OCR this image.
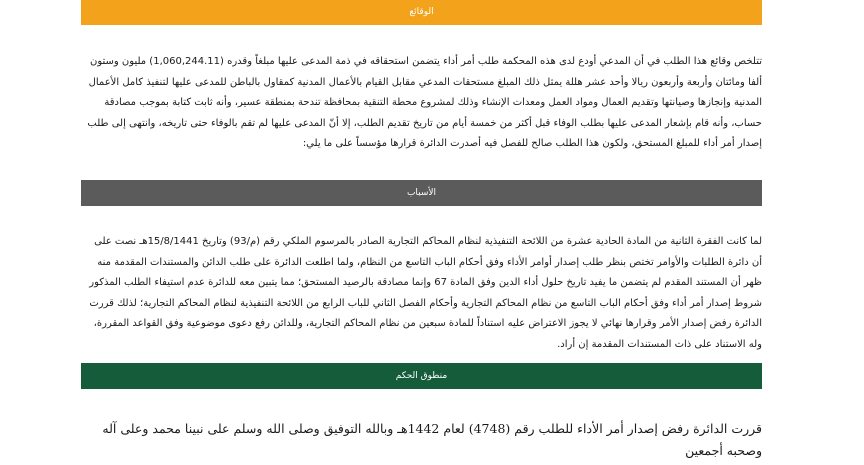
الوقائع

تتلخص وقائع هذا الطلب في أن المدعي أودع لدى هذه المحكمة طلب أمر أداء يتضمن استحقاقه في ذمة المدعى عليها مبلغاً وقدره (1,060,244.11) مليون وستون ألفا ومائتان وأربعة وأربعون ريالا وأحد عشر هللة يمثل ذلك المبلغ مستحقات المدعي مقابل القيام بالأعمال المدنية كمقاول بالباطن للمدعى عليها لتنفيذ كامل الأعمال المدنية وإنجازها وصيانتها وتقديم العمال ومواد العمل ومعدات الإنشاء وذلك لمشروع محطة التنقية بمحافظة تندحة بمنطقة عسير، وأنه ثابت كتابة بموجب مصادقة حساب، وأنه قام بإشعار المدعى عليها بطلب الوفاء قبل أكثر من خمسة أيام من تاريخ تقديم الطلب، إلا أنّ المدعى عليها لم تقم بالوفاء حتى تاريخه، وانتهى إلى طلب إصدار أمر أداء للمبلغ المستحق، ولكون هذا الطلب صالح للفصل فيه أصدرت الدائرة قرارها مؤسساً على ما يلي:

الأسباب

لما كانت الفقرة الثانية من المادة الحادية عشرة من اللائحة التنفيذية لنظام المحاكم التجارية الصادر بالمرسوم الملكي رقم (م/93) وتاريخ 15/8/1441هـ نصت على أن دائرة الطلبات والأوامر تختص بنظر طلب إصدار أوامر الأداء وفق أحكام الباب التاسع من النظام، ولما اطلعت الدائرة على طلب الدائن والمستندات المقدمة منه ظهر أن المستند المقدم لم يتضمن ما يفيد تاريخ حلول أداء الدين وفق المادة 67 وإنما مصادقة بالرصيد المستحق؛ مما يتبين معه للدائرة عدم استيفاء الطلب المذكور شروط إصدار أمر أداء وفق أحكام الباب التاسع من نظام المحاكم التجارية وأحكام الفصل الثاني للباب الرابع من اللائحة التنفيذية لنظام المحاكم التجارية؛ لذلك قررت الدائرة رفض إصدار الأمر وقرارها نهائي لا يجوز الاعتراض عليه استناداً للمادة سبعين من نظام المحاكم التجارية، وللدائن رفع دعوى موضوعية وفق القواعد المقررة، وله الاستناد على ذات المستندات المقدمة إن أراد.

منطوق الحكم

قررت الدائرة رفض إصدار أمر الأداء للطلب رقم (4748) لعام 1442هـ وبالله التوفيق وصلى الله وسلم على نبينا محمد وعلى آله وصحبه أجمعين
